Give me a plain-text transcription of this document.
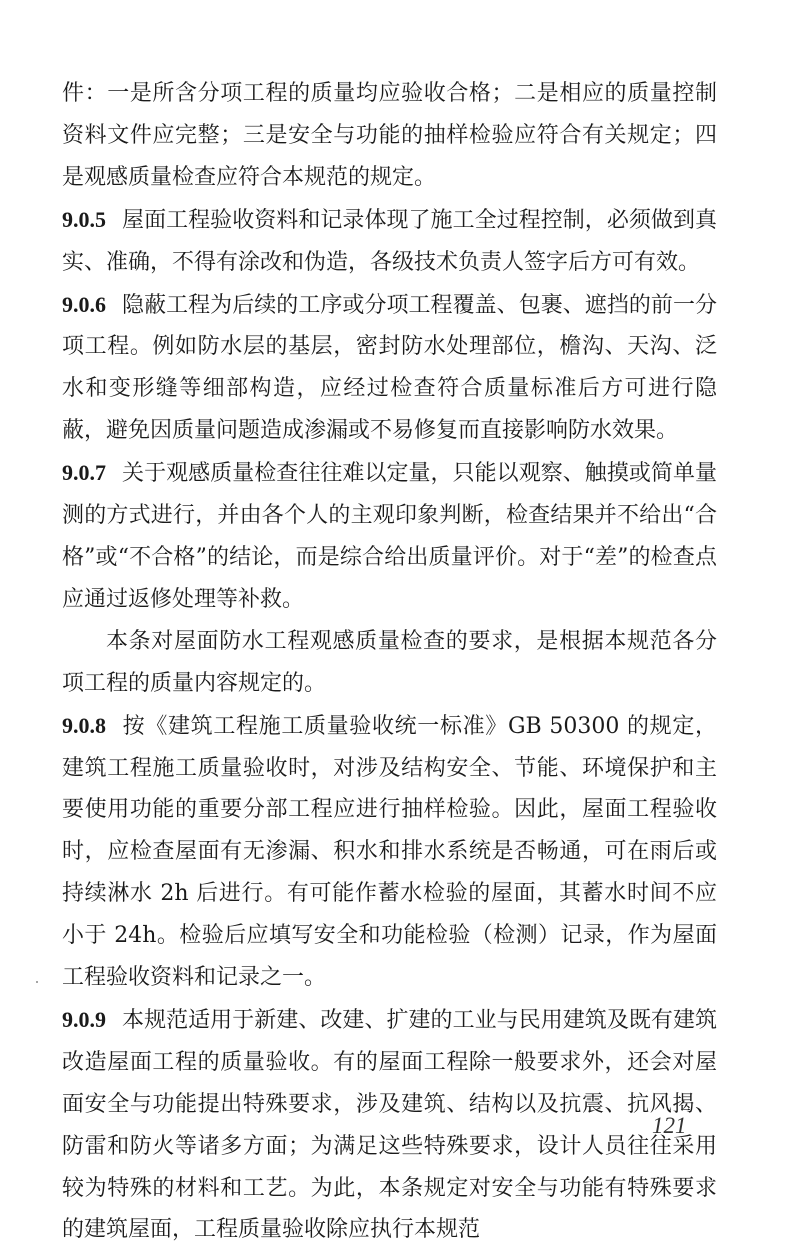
件：一是所含分项工程的质量均应验收合格；二是相应的质量控制资料文件应完整；三是安全与功能的抽样检验应符合有关规定；四是观感质量检查应符合本规范的规定。

9.0.5 屋面工程验收资料和记录体现了施工全过程控制，必须做到真实、准确，不得有涂改和伪造，各级技术负责人签字后方可有效。

9.0.6 隐蔽工程为后续的工序或分项工程覆盖、包裹、遮挡的前一分项工程。例如防水层的基层，密封防水处理部位，檐沟、天沟、泛水和变形缝等细部构造，应经过检查符合质量标准后方可进行隐蔽，避免因质量问题造成渗漏或不易修复而直接影响防水效果。

9.0.7 关于观感质量检查往往难以定量，只能以观察、触摸或简单量测的方式进行，并由各个人的主观印象判断，检查结果并不给出“合格”或“不合格”的结论，而是综合给出质量评价。对于“差”的检查点应通过返修处理等补救。

本条对屋面防水工程观感质量检查的要求，是根据本规范各分项工程的质量内容规定的。

9.0.8 按《建筑工程施工质量验收统一标准》GB 50300 的规定，建筑工程施工质量验收时，对涉及结构安全、节能、环境保护和主要使用功能的重要分部工程应进行抽样检验。因此，屋面工程验收时，应检查屋面有无渗漏、积水和排水系统是否畅通，可在雨后或持续淋水 2h 后进行。有可能作蓄水检验的屋面，其蓄水时间不应小于 24h。检验后应填写安全和功能检验（检测）记录，作为屋面工程验收资料和记录之一。

9.0.9 本规范适用于新建、改建、扩建的工业与民用建筑及既有建筑改造屋面工程的质量验收。有的屋面工程除一般要求外，还会对屋面安全与功能提出特殊要求，涉及建筑、结构以及抗震、抗风揭、防雷和防火等诸多方面；为满足这些特殊要求，设计人员往往采用较为特殊的材料和工艺。为此，本条规定对安全与功能有特殊要求的建筑屋面，工程质量验收除应执行本规范

121
